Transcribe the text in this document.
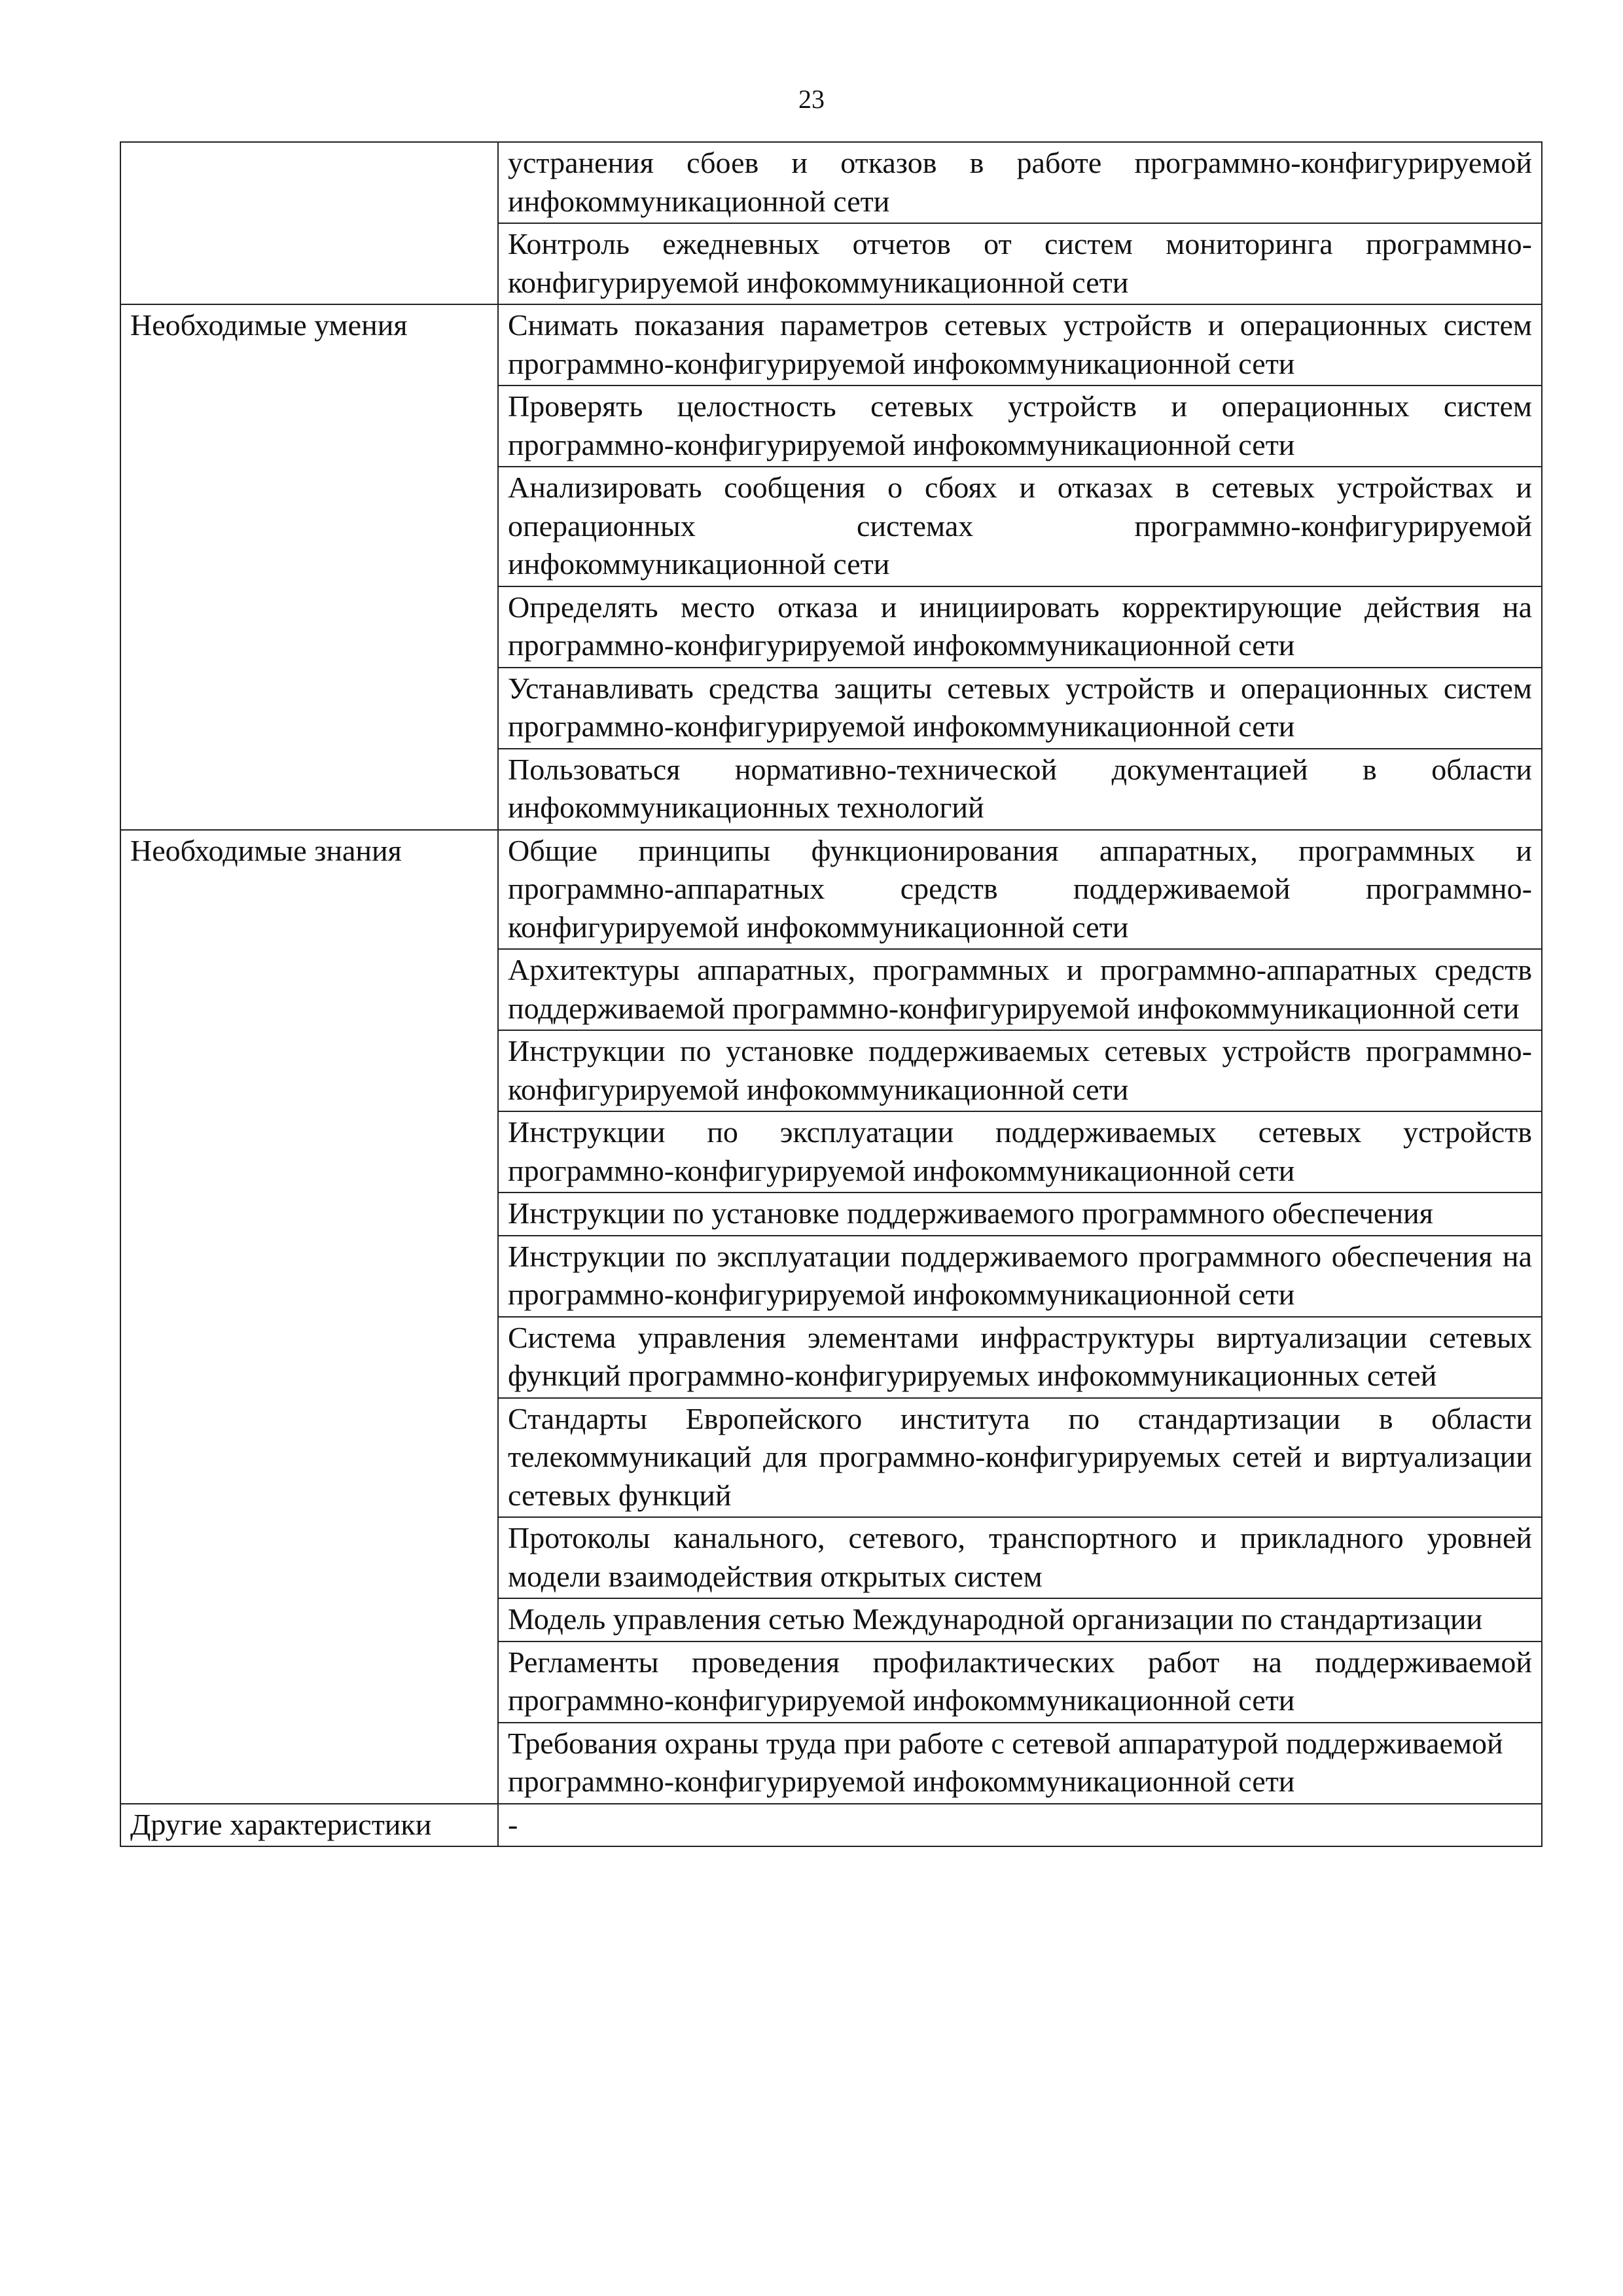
23
	устранения сбоев и отказов в работе программно-конфигурируемой инфокоммуникационной сети
	Контроль ежедневных отчетов от систем мониторинга программно-конфигурируемой инфокоммуникационной сети
Необходимые умения	Снимать показания параметров сетевых устройств и операционных систем программно-конфигурируемой инфокоммуникационной сети
	Проверять целостность сетевых устройств и операционных систем программно-конфигурируемой инфокоммуникационной сети
	Анализировать сообщения о сбоях и отказах в сетевых устройствах и операционных системах программно-конфигурируемой инфокоммуникационной сети
	Определять место отказа и инициировать корректирующие действия на программно-конфигурируемой инфокоммуникационной сети
	Устанавливать средства защиты сетевых устройств и операционных систем программно-конфигурируемой инфокоммуникационной сети
	Пользоваться нормативно-технической документацией в области инфокоммуникационных технологий
Необходимые знания	Общие принципы функционирования аппаратных, программных и программно-аппаратных средств поддерживаемой программно-конфигурируемой инфокоммуникационной сети
	Архитектуры аппаратных, программных и программно-аппаратных средств поддерживаемой программно-конфигурируемой инфокоммуникационной сети
	Инструкции по установке поддерживаемых сетевых устройств программно-конфигурируемой инфокоммуникационной сети
	Инструкции по эксплуатации поддерживаемых сетевых устройств программно-конфигурируемой инфокоммуникационной сети
	Инструкции по установке поддерживаемого программного обеспечения
	Инструкции по эксплуатации поддерживаемого программного обеспечения на программно-конфигурируемой инфокоммуникационной сети
	Система управления элементами инфраструктуры виртуализации сетевых функций программно-конфигурируемых инфокоммуникационных сетей
	Стандарты Европейского института по стандартизации в области телекоммуникаций для программно-конфигурируемых сетей и виртуализации сетевых функций
	Протоколы канального, сетевого, транспортного и прикладного уровней модели взаимодействия открытых систем
	Модель управления сетью Международной организации по стандартизации
	Регламенты проведения профилактических работ на поддерживаемой программно-конфигурируемой инфокоммуникационной сети
	Требования охраны труда при работе с сетевой аппаратурой поддерживаемой программно-конфигурируемой инфокоммуникационной сети
Другие характеристики	-
